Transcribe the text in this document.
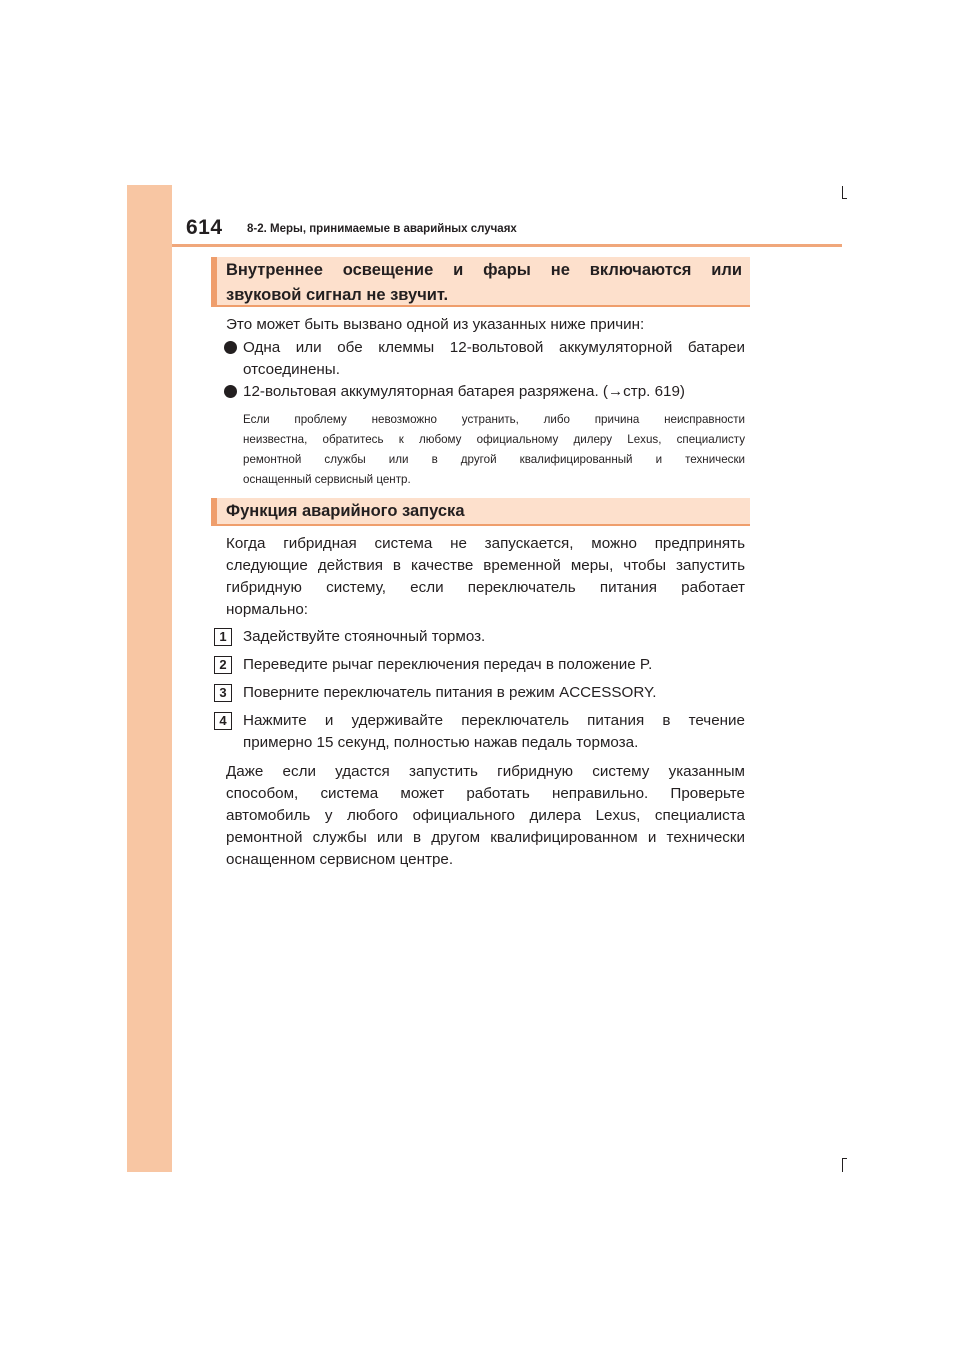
614 8-2. Меры, принимаемые в аварийных случаях
Внутреннее освещение и фары не включаются или
звуковой сигнал не звучит.
Это может быть вызвано одной из указанных ниже причин:
Одна или обе клеммы 12-вольтовой аккумуляторной батареи
отсоединены.
12-вольтовая аккумуляторная батарея разряжена. (→стр. 619)
Если проблему невозможно устранить, либо причина неисправности
неизвестна, обратитесь к любому официальному дилеру Lexus, специалисту
ремонтной службы или в другой квалифицированный и технически
оснащенный сервисный центр.
Функция аварийного запуска
Когда гибридная система не запускается, можно предпринять
следующие действия в качестве временной меры, чтобы запустить
гибридную систему, если переключатель питания работает
нормально:
1	Задействуйте стояночный тормоз.
2	Переведите рычаг переключения передач в положение P.
3	Поверните переключатель питания в режим ACCESSORY.
4	Нажмите и удерживайте переключатель питания в течение
примерно 15 секунд, полностью нажав педаль тормоза.
Даже если удастся запустить гибридную систему указанным
способом, система может работать неправильно. Проверьте
автомобиль у любого официального дилера Lexus, специалиста
ремонтной службы или в другом квалифицированном и технически
оснащенном сервисном центре.
